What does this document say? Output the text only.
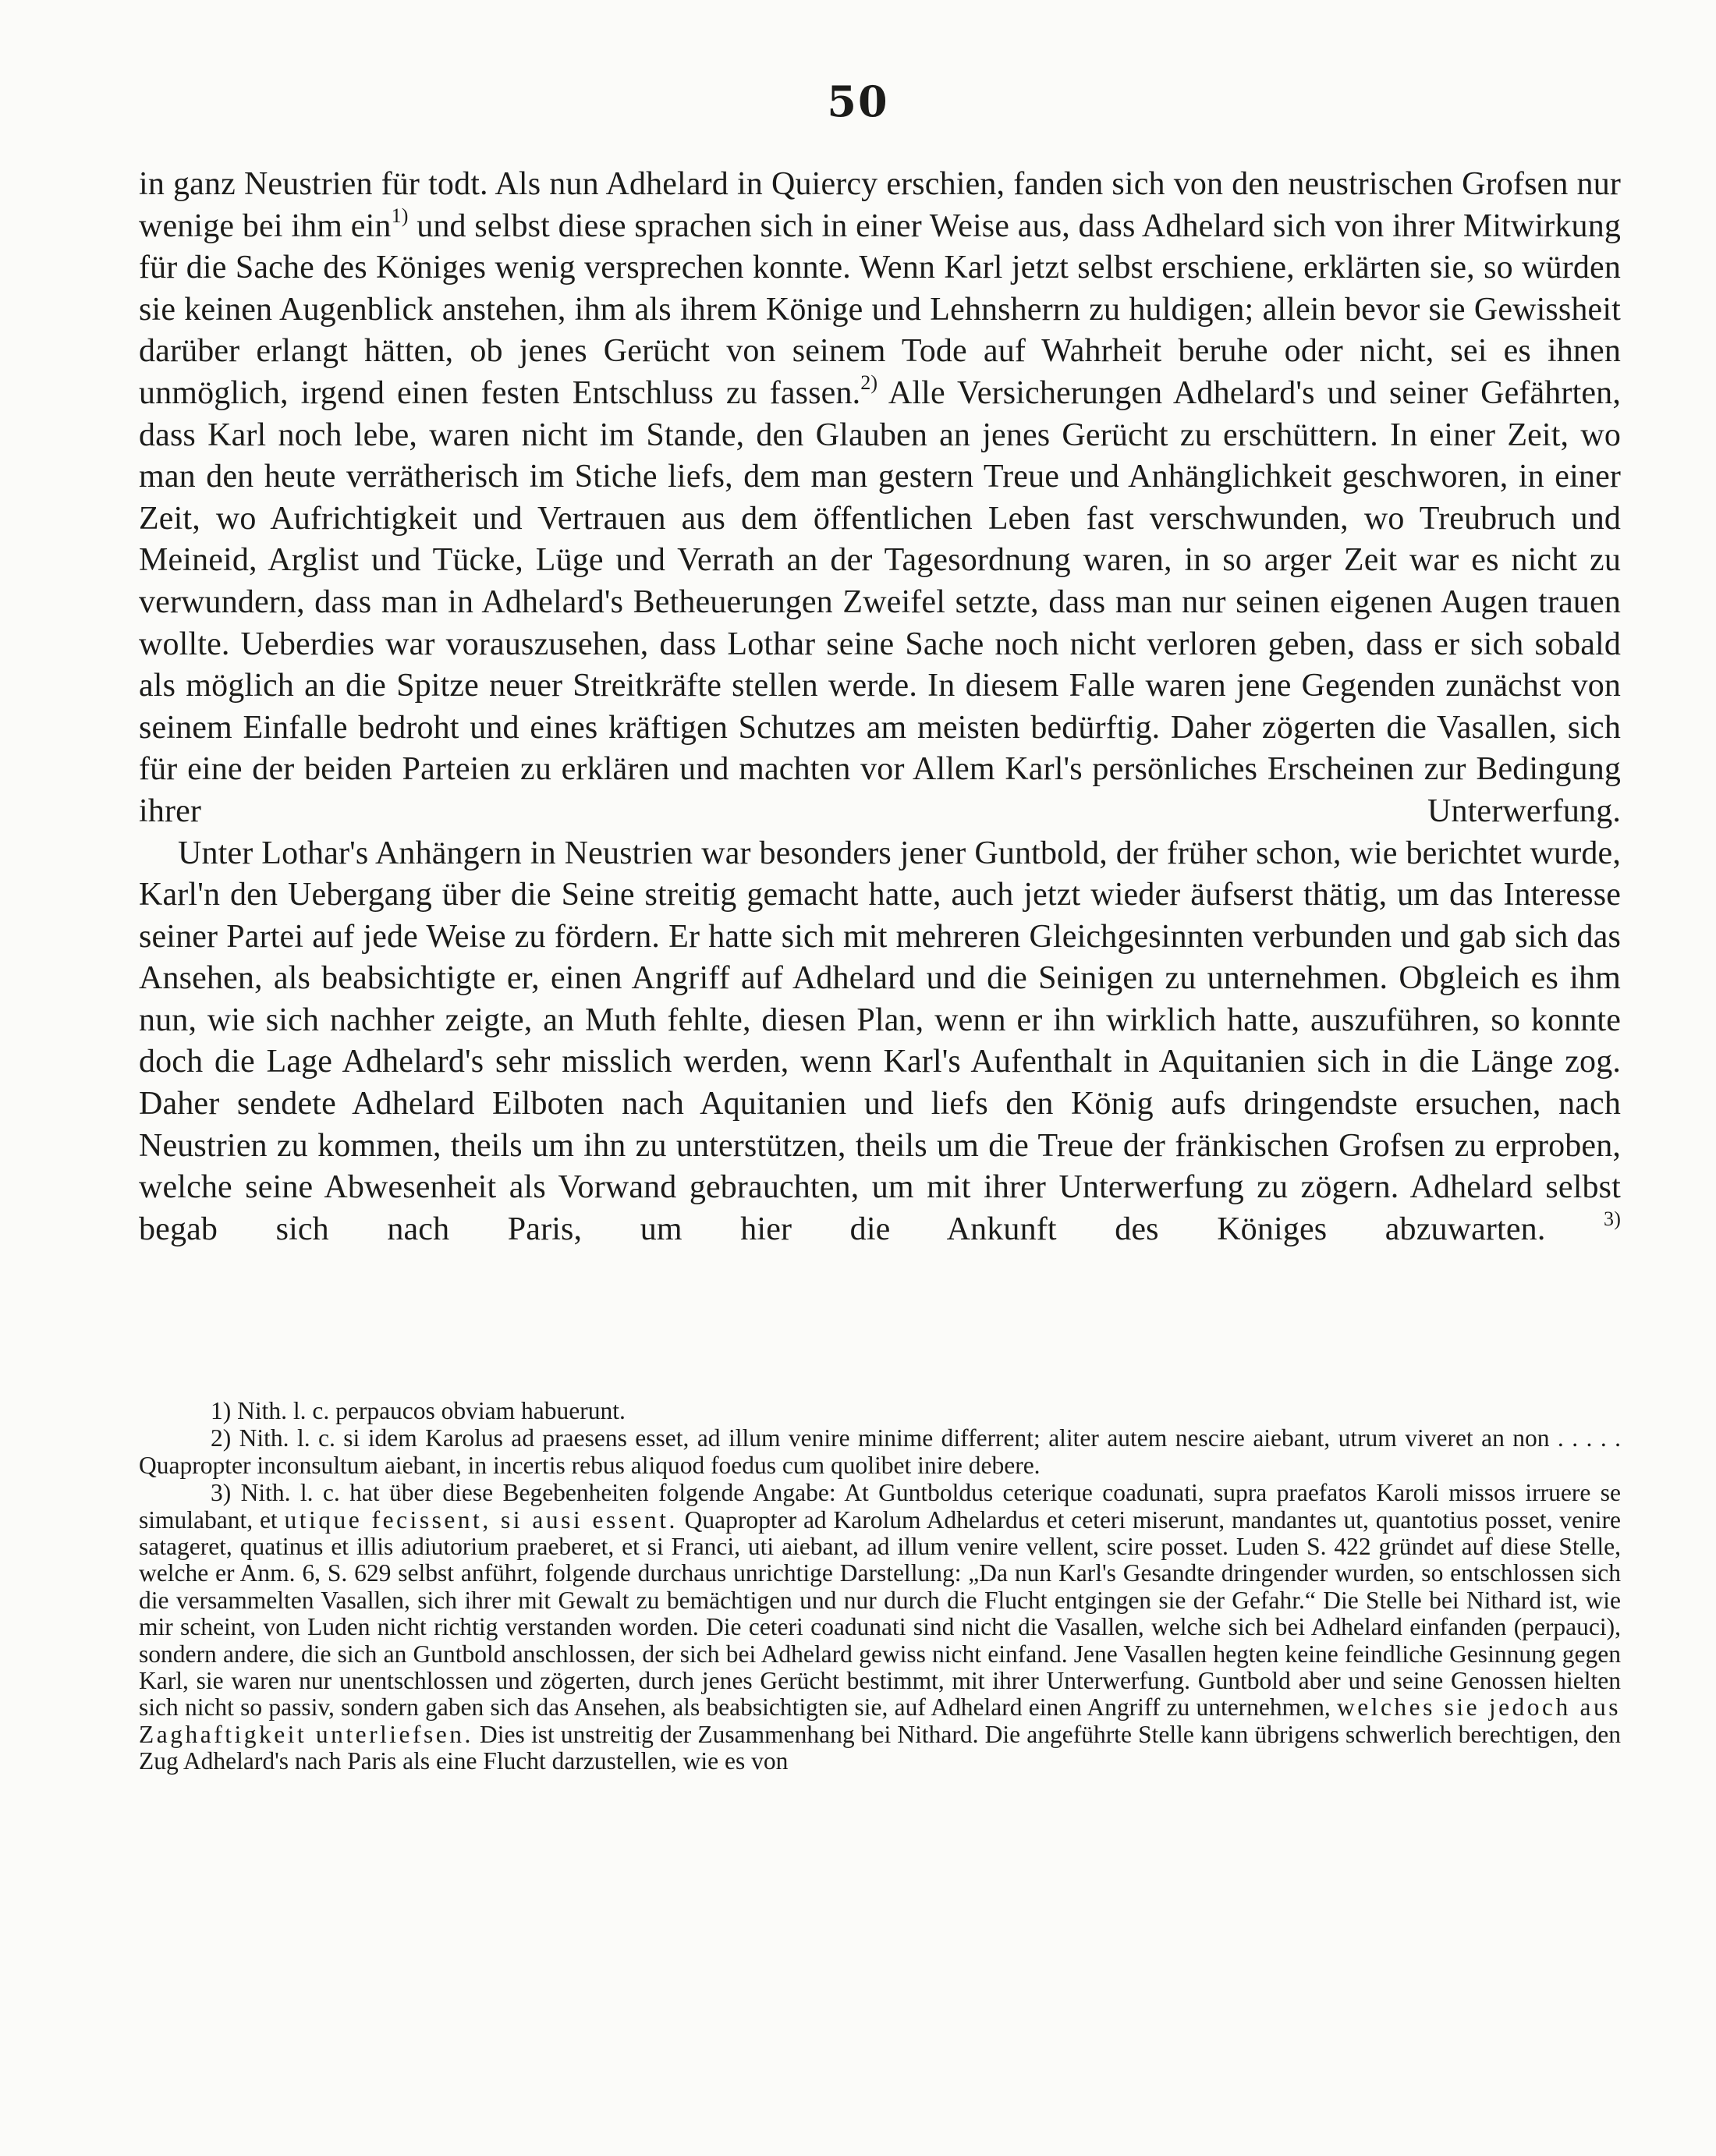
50

in ganz Neustrien für todt. Als nun Adhelard in Quiercy erschien, fanden sich von den neustrischen Grofsen nur wenige bei ihm ein$^{1)}$ und selbst diese sprachen sich in einer Weise aus, dass Adhelard sich von ihrer Mitwirkung für die Sache des Königes wenig versprechen konnte. Wenn Karl jetzt selbst erschiene, erklärten sie, so würden sie keinen Augenblick anstehen, ihm als ihrem Könige und Lehnsherrn zu huldigen; allein bevor sie Gewissheit darüber erlangt hätten, ob jenes Gerücht von seinem Tode auf Wahrheit beruhe oder nicht, sei es ihnen unmöglich, irgend einen festen Entschluss zu fassen.$^{2)}$ Alle Versicherungen Adhelard's und seiner Gefährten, dass Karl noch lebe, waren nicht im Stande, den Glauben an jenes Gerücht zu erschüttern. In einer Zeit, wo man den heute verrätherisch im Stiche liefs, dem man gestern Treue und Anhänglichkeit geschworen, in einer Zeit, wo Aufrichtigkeit und Vertrauen aus dem öffentlichen Leben fast verschwunden, wo Treubruch und Meineid, Arglist und Tücke, Lüge und Verrath an der Tagesordnung waren, in so arger Zeit war es nicht zu verwundern, dass man in Adhelard's Betheuerungen Zweifel setzte, dass man nur seinen eigenen Augen trauen wollte. Ueberdies war vorauszusehen, dass Lothar seine Sache noch nicht verloren geben, dass er sich sobald als möglich an die Spitze neuer Streitkräfte stellen werde. In diesem Falle waren jene Gegenden zunächst von seinem Einfalle bedroht und eines kräftigen Schutzes am meisten bedürftig. Daher zögerten die Vasallen, sich für eine der beiden Parteien zu erklären und machten vor Allem Karl's persönliches Erscheinen zur Bedingung ihrer Unterwerfung.

Unter Lothar's Anhängern in Neustrien war besonders jener Guntbold, der früher schon, wie berichtet wurde, Karl'n den Uebergang über die Seine streitig gemacht hatte, auch jetzt wieder äufserst thätig, um das Interesse seiner Partei auf jede Weise zu fördern. Er hatte sich mit mehreren Gleichgesinnten verbunden und gab sich das Ansehen, als beabsichtigte er, einen Angriff auf Adhelard und die Seinigen zu unternehmen. Obgleich es ihm nun, wie sich nachher zeigte, an Muth fehlte, diesen Plan, wenn er ihn wirklich hatte, auszuführen, so konnte doch die Lage Adhelard's sehr misslich werden, wenn Karl's Aufenthalt in Aquitanien sich in die Länge zog. Daher sendete Adhelard Eilboten nach Aquitanien und liefs den König aufs dringendste ersuchen, nach Neustrien zu kommen, theils um ihn zu unterstützen, theils um die Treue der fränkischen Grofsen zu erproben, welche seine Abwesenheit als Vorwand gebrauchten, um mit ihrer Unterwerfung zu zögern. Adhelard selbst begab sich nach Paris, um hier die Ankunft des Königes abzuwarten.	$^{3)}$

1) Nith. l. c. perpaucos obviam habuerunt.

2) Nith. l. c. si idem Karolus ad praesens esset, ad illum venire minime differrent; aliter autem nescire aiebant, utrum viveret an non . . . . . Quapropter inconsultum aiebant, in incertis rebus aliquod foedus cum quolibet inire debere.

3) Nith. l. c. hat über diese Begebenheiten folgende Angabe: At Guntboldus ceterique coadunati, supra praefatos Karoli missos irruere se simulabant, et utique fecissent, si ausi essent. Quapropter ad Karolum Adhelardus et ceteri miserunt, mandantes ut, quantotius posset, venire satageret, quatinus et illis adiutorium praeberet, et si Franci, uti aiebant, ad illum venire vellent, scire posset. Luden S. 422 gründet auf diese Stelle, welche er Anm. 6, S. 629 selbst anführt, folgende durchaus unrichtige Darstellung: „Da nun Karl's Gesandte dringender wurden, so entschlossen sich die versammelten Vasallen, sich ihrer mit Gewalt zu bemächtigen und nur durch die Flucht entgingen sie der Gefahr.“ Die Stelle bei Nithard ist, wie mir scheint, von Luden nicht richtig verstanden worden. Die ceteri coadunati sind nicht die Vasallen, welche sich bei Adhelard einfanden (perpauci), sondern andere, die sich an Guntbold anschlossen, der sich bei Adhelard gewiss nicht einfand. Jene Vasallen hegten keine feindliche Gesinnung gegen Karl, sie waren nur unentschlossen und zögerten, durch jenes Gerücht bestimmt, mit ihrer Unterwerfung. Guntbold aber und seine Genossen hielten sich nicht so passiv, sondern gaben sich das Ansehen, als beabsichtigten sie, auf Adhelard einen Angriff zu unternehmen, welches sie jedoch aus Zaghaftigkeit unterliefsen. Dies ist unstreitig der Zusammenhang bei Nithard. Die angeführte Stelle kann übrigens schwerlich berechtigen, den Zug Adhelard's nach Paris als eine Flucht darzustellen, wie es von
